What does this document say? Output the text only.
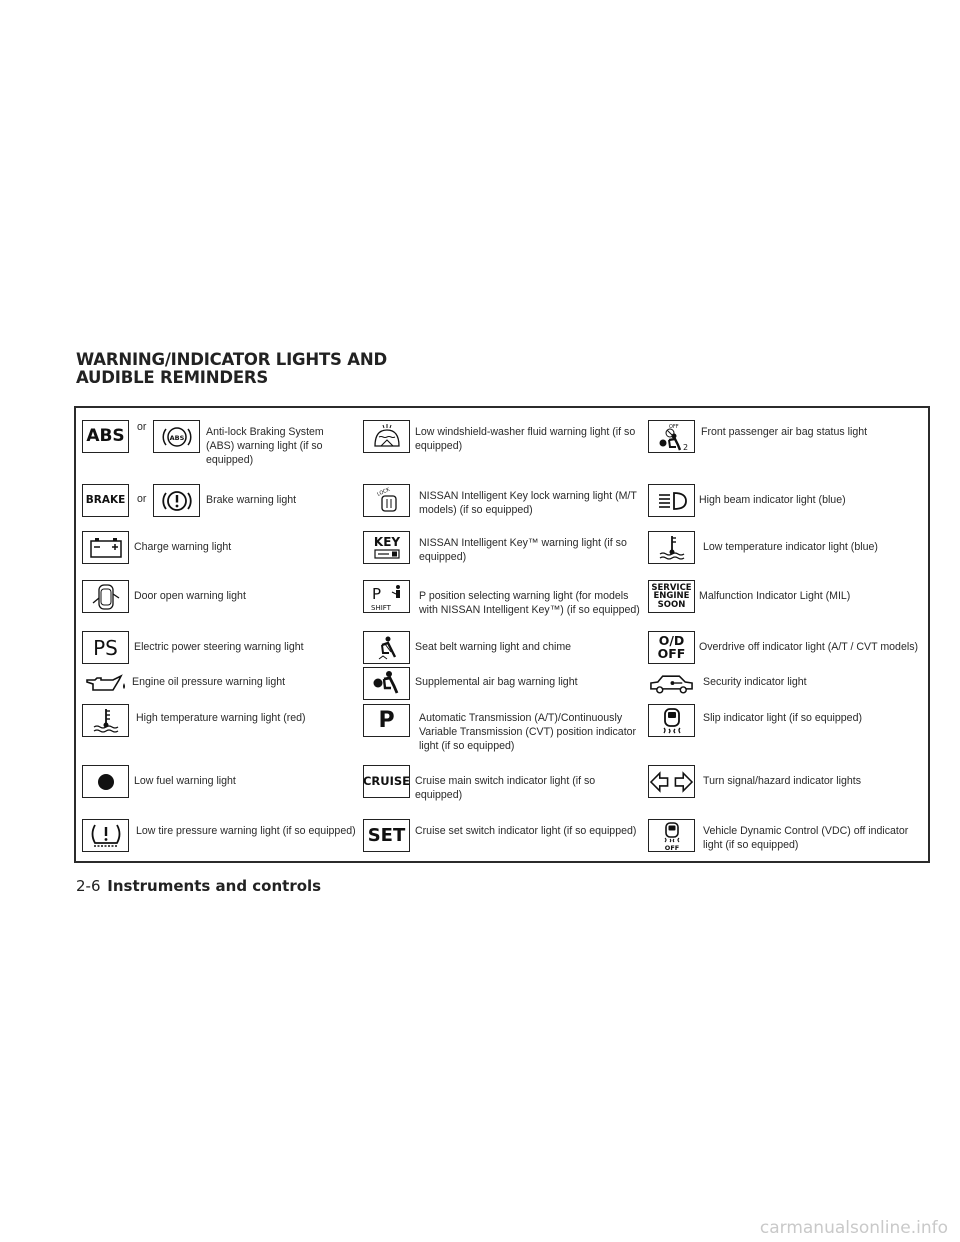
WARNING/INDICATOR LIGHTS AND
AUDIBLE REMINDERS
ABS or
ABS Anti-lock Braking System (ABS) warning light (if so equipped)
BRAKE or	Brake warning light
Charge warning light
Door open warning light
PS Electric power steering warning light
Engine oil pressure warning light
High temperature warning light (red)
Low fuel warning light
Low tire pressure warning light (if so equipped)
Low windshield-washer fluid warning light (if so equipped)
LOCK	NISSAN Intelligent Key lock warning light (M/T models) (if so equipped)
KEY NISSAN Intelligent Key™ warning light (if so equipped)
P
SHIFT
P position selecting warning light (for models with NISSAN Intelligent Key™) (if so equipped)
Seat belt warning light and chime
Supplemental air bag warning light
P Automatic Transmission (A/T)/Continuously Variable Transmission (CVT) position indicator light (if so equipped)
CRUISE Cruise main switch indicator light (if so equipped)
SET Cruise set switch indicator light (if so equipped)
OFF
2
Front passenger air bag status light
High beam indicator light (blue)
Low temperature indicator light (blue)
SERVICE
ENGINE
SOON
Malfunction Indicator Light (MIL)
O/D
OFF Overdrive off indicator light (A/T / CVT models)
Security indicator light
Slip indicator light (if so equipped)
Turn signal/hazard indicator lights
OFF
Vehicle Dynamic Control (VDC) off indicator light (if so equipped)
2-6 Instruments and controls
carmanualsonline.info
